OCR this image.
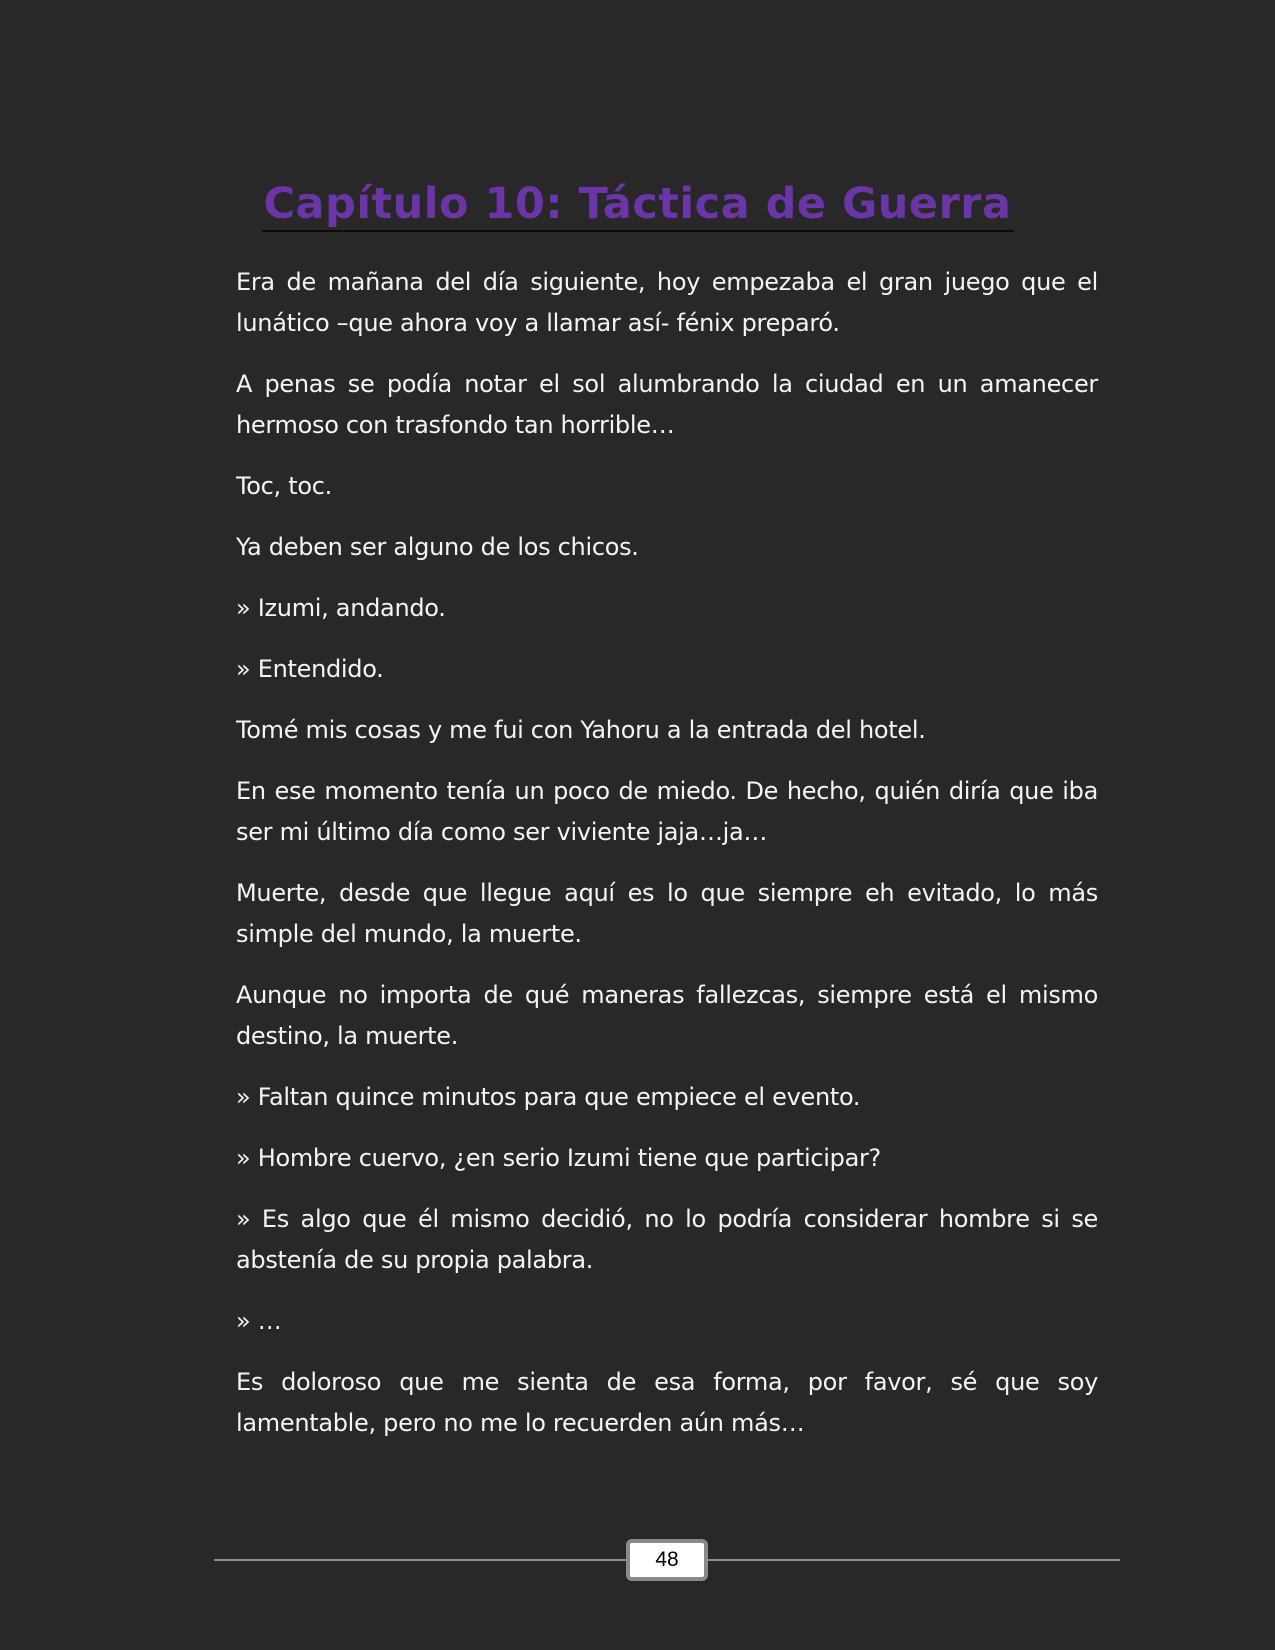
Capítulo 10: Táctica de Guerra

Era de mañana del día siguiente, hoy empezaba el gran juego que el lunático –que ahora voy a llamar así- fénix preparó.

A penas se podía notar el sol alumbrando la ciudad en un amanecer hermoso con trasfondo tan horrible…

Toc, toc.

Ya deben ser alguno de los chicos.

» Izumi, andando.

» Entendido.

Tomé mis cosas y me fui con Yahoru a la entrada del hotel.

En ese momento tenía un poco de miedo. De hecho, quién diría que iba ser mi último día como ser viviente jaja…ja…

Muerte, desde que llegue aquí es lo que siempre eh evitado, lo más simple del mundo, la muerte.

Aunque no importa de qué maneras fallezcas, siempre está el mismo destino, la muerte.

» Faltan quince minutos para que empiece el evento.

» Hombre cuervo, ¿en serio Izumi tiene que participar?

» Es algo que él mismo decidió, no lo podría considerar hombre si se abstenía de su propia palabra.

» …

Es doloroso que me sienta de esa forma, por favor, sé que soy lamentable, pero no me lo recuerden aún más…

48
